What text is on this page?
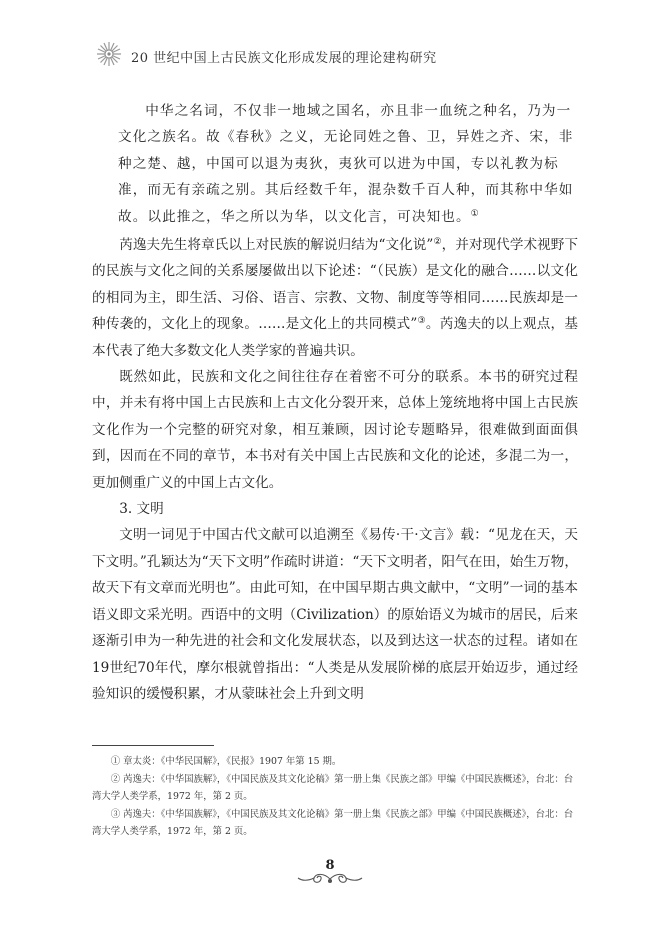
20 世纪中国上古民族文化形成发展的理论建构研究

中华之名词，不仅非一地域之国名，亦且非一血统之种名，乃为一文化之族名。故《春秋》之义，无论同姓之鲁、卫，异姓之齐、宋，非种之楚、越，中国可以退为夷狄，夷狄可以进为中国，专以礼教为标准，而无有亲疏之别。其后经数千年，混杂数千百人种，而其称中华如故。以此推之，华之所以为华，以文化言，可决知也。①

芮逸夫先生将章氏以上对民族的解说归结为“文化说”②，并对现代学术视野下的民族与文化之间的关系屡屡做出以下论述：“（民族）是文化的融合……以文化的相同为主，即生活、习俗、语言、宗教、文物、制度等等相同……民族却是一种传袭的，文化上的现象。……是文化上的共同模式”③。芮逸夫的以上观点，基本代表了绝大多数文化人类学家的普遍共识。

既然如此，民族和文化之间往往存在着密不可分的联系。本书的研究过程中，并未有将中国上古民族和上古文化分裂开来，总体上笼统地将中国上古民族文化作为一个完整的研究对象，相互兼顾，因讨论专题略异，很难做到面面俱到，因而在不同的章节，本书对有关中国上古民族和文化的论述，多混二为一，更加侧重广义的中国上古文化。

3. 文明

文明一词见于中国古代文献可以追溯至《易传·干·文言》载：“见龙在天，天下文明。”孔颖达为“天下文明”作疏时讲道：“天下文明者，阳气在田，始生万物，故天下有文章而光明也”。由此可知，在中国早期古典文献中，“文明”一词的基本语义即文采光明。西语中的文明（Civilization）的原始语义为城市的居民，后来逐渐引申为一种先进的社会和文化发展状态，以及到达这一状态的过程。诸如在19世纪70年代，摩尔根就曾指出：“人类是从发展阶梯的底层开始迈步，通过经验知识的缓慢积累，才从蒙昧社会上升到文明

① 章太炎：《中华民国解》，《民报》1907 年第 15 期。

② 芮逸夫：《中华国族解》，《中国民族及其文化论稿》第一册上集《民族之部》甲编《中国民族概述》，台北：台湾大学人类学系，1972 年，第 2 页。

③ 芮逸夫：《中华国族解》，《中国民族及其文化论稿》第一册上集《民族之部》甲编《中国民族概述》，台北：台湾大学人类学系，1972 年，第 2 页。

8
